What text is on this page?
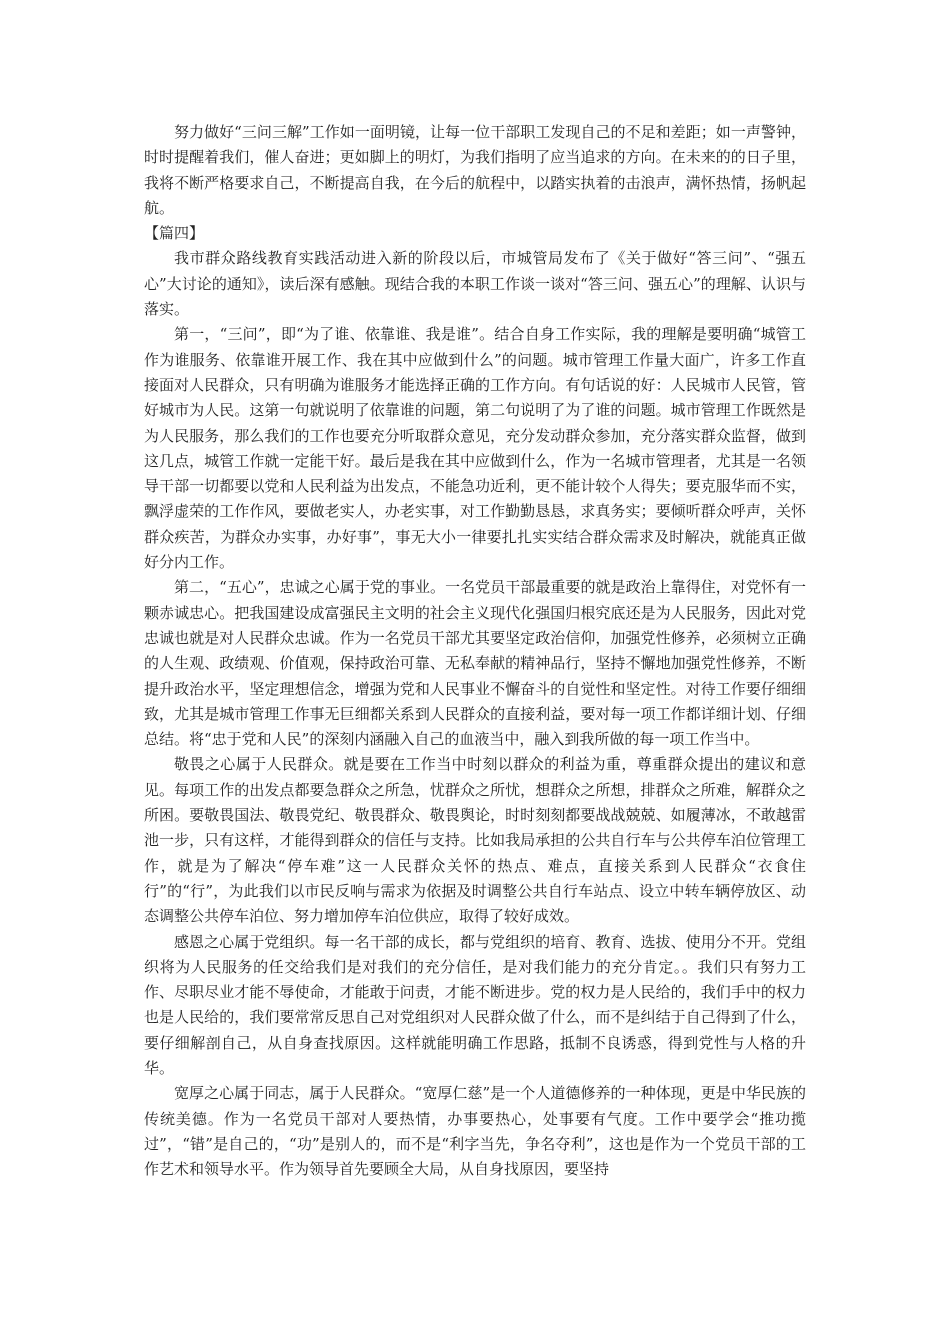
努力做好“三问三解”工作如一面明镜，让每一位干部职工发现自己的不足和差距；如一声警钟，时时提醒着我们，催人奋进；更如脚上的明灯，为我们指明了应当追求的方向。在未来的的日子里，我将不断严格要求自己，不断提高自我，在今后的航程中，以踏实执着的击浪声，满怀热情，扬帆起航。

【篇四】

我市群众路线教育实践活动进入新的阶段以后，市城管局发布了《关于做好“答三问”、“强五心”大讨论的通知》，读后深有感触。现结合我的本职工作谈一谈对“答三问、强五心”的理解、认识与落实。

第一，“三问”，即“为了谁、依靠谁、我是谁”。结合自身工作实际，我的理解是要明确“城管工作为谁服务、依靠谁开展工作、我在其中应做到什么”的问题。城市管理工作量大面广，许多工作直接面对人民群众，只有明确为谁服务才能选择正确的工作方向。有句话说的好：人民城市人民管，管好城市为人民。这第一句就说明了依靠谁的问题，第二句说明了为了谁的问题。城市管理工作既然是为人民服务，那么我们的工作也要充分听取群众意见，充分发动群众参加，充分落实群众监督，做到这几点，城管工作就一定能干好。最后是我在其中应做到什么，作为一名城市管理者，尤其是一名领导干部一切都要以党和人民利益为出发点，不能急功近利，更不能计较个人得失；要克服华而不实，飘浮虚荣的工作作风，要做老实人，办老实事，对工作勤勤恳恳，求真务实；要倾听群众呼声，关怀群众疾苦，为群众办实事，办好事”，事无大小一律要扎扎实实结合群众需求及时解决，就能真正做好分内工作。

第二，“五心”，忠诚之心属于党的事业。一名党员干部最重要的就是政治上靠得住，对党怀有一颗赤诚忠心。把我国建设成富强民主文明的社会主义现代化强国归根究底还是为人民服务，因此对党忠诚也就是对人民群众忠诚。作为一名党员干部尤其要坚定政治信仰，加强党性修养，必须树立正确的人生观、政绩观、价值观，保持政治可靠、无私奉献的精神品行，坚持不懈地加强党性修养，不断提升政治水平，坚定理想信念，增强为党和人民事业不懈奋斗的自觉性和坚定性。对待工作要仔细细致，尤其是城市管理工作事无巨细都关系到人民群众的直接利益，要对每一项工作都详细计划、仔细总结。将“忠于党和人民”的深刻内涵融入自己的血液当中，融入到我所做的每一项工作当中。

敬畏之心属于人民群众。就是要在工作当中时刻以群众的利益为重，尊重群众提出的建议和意见。每项工作的出发点都要急群众之所急，忧群众之所忧，想群众之所想，排群众之所难，解群众之所困。要敬畏国法、敬畏党纪、敬畏群众、敬畏舆论，时时刻刻都要战战兢兢、如履薄冰，不敢越雷池一步，只有这样，才能得到群众的信任与支持。比如我局承担的公共自行车与公共停车泊位管理工作，就是为了解决“停车难”这一人民群众关怀的热点、难点，直接关系到人民群众“衣食住行”的“行”，为此我们以市民反响与需求为依据及时调整公共自行车站点、设立中转车辆停放区、动态调整公共停车泊位、努力增加停车泊位供应，取得了较好成效。

感恩之心属于党组织。每一名干部的成长，都与党组织的培育、教育、选拔、使用分不开。党组织将为人民服务的任交给我们是对我们的充分信任，是对我们能力的充分肯定。。我们只有努力工作、尽职尽业才能不辱使命，才能敢于问责，才能不断进步。党的权力是人民给的，我们手中的权力也是人民给的，我们要常常反思自己对党组织对人民群众做了什么，而不是纠结于自己得到了什么，要仔细解剖自己，从自身查找原因。这样就能明确工作思路，抵制不良诱惑，得到党性与人格的升华。

宽厚之心属于同志，属于人民群众。“宽厚仁慈”是一个人道德修养的一种体现，更是中华民族的传统美德。作为一名党员干部对人要热情，办事要热心，处事要有气度。工作中要学会“推功揽过”，“错”是自己的，“功”是别人的，而不是“利字当先，争名夺利”，这也是作为一个党员干部的工作艺术和领导水平。作为领导首先要顾全大局，从自身找原因，要坚持
